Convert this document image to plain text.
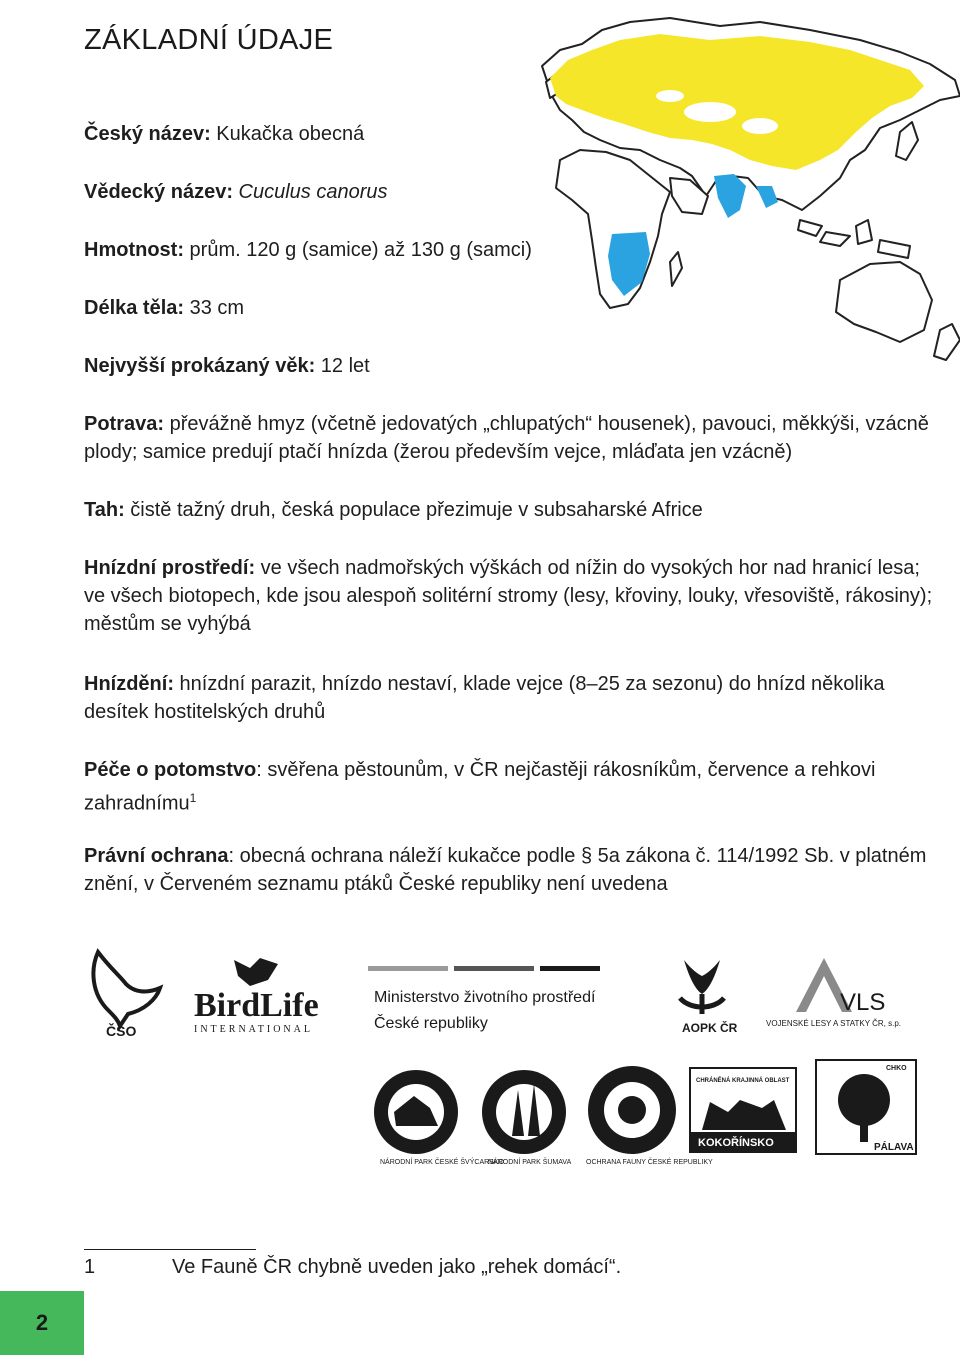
ZÁKLADNÍ ÚDAJE

Český název: Kukačka obecná

Vědecký název: Cuculus canorus

Hmotnost: prům. 120 g (samice) až 130 g (samci)

Délka těla: 33 cm

Nejvyšší prokázaný věk: 12 let

Potrava: převážně hmyz (včetně jedovatých „chlupatých“ housenek), pavouci, měkkýši, vzácně plody; samice predují ptačí hnízda (žerou především vejce, mláďata jen vzácně)

Tah: čistě tažný druh, česká populace přezimuje v subsaharské Africe

Hnízdní prostředí: ve všech nadmořských výškách od nížin do vysokých hor nad hranicí lesa; ve všech biotopech, kde jsou alespoň solitérní stromy (lesy, křoviny, louky, vřesoviště, rákosiny); městům se vyhýbá

Hnízdění: hnízdní parazit, hnízdo nestaví, klade vejce (8–25 za sezonu) do hnízd několika desítek hostitelských druhů

Péče o potomstvo: svěřena pěstounům, v ČR nejčastěji rákosníkům, července a rehkovi zahradnímu$^1$

Právní ochrana: obecná ochrana náleží kukačce podle § 5a zákona č. 114/1992 Sb. v platném znění, v Červeném seznamu ptáků České republiky není uvedena

ČSO
BirdLife
INTERNATIONAL
Ministerstvo životního prostředí
České republiky	AOPK ČR
VLS
VOJENSKÉ LESY A STATKY ČR, s.p.
NÁRODNÍ PARK ČESKÉ ŠVÝCARSKO
NÁRODNÍ PARK ŠUMAVA OCHRANA FAUNY ČESKÉ REPUBLIKY
CHRÁNĚNÁ KRAJINNÁ OBLAST
KOKOŘÍNSKO
CHKO
PÁLAVA
1	Ve Fauně ČR chybně uveden jako „rehek domácí“.
2
